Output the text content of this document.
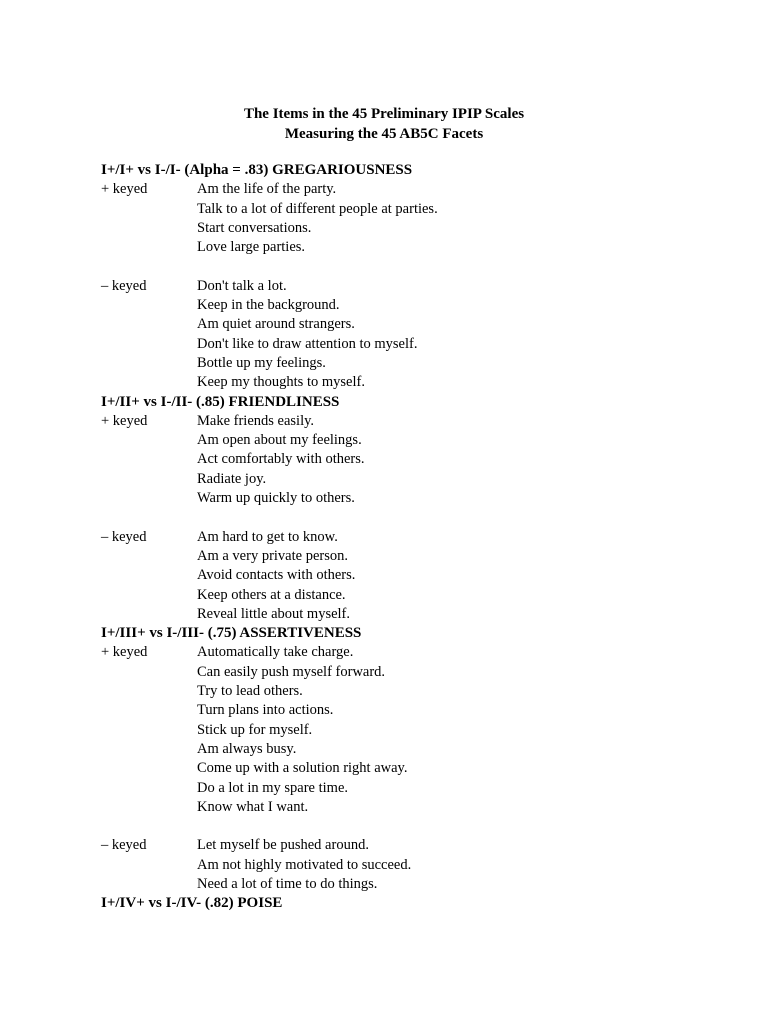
The Items in the 45 Preliminary IPIP Scales
Measuring the 45 AB5C Facets
I+/I+ vs I-/I- (Alpha = .83) GREGARIOUSNESS
+ keyed	Am the life of the party.
Talk to a lot of different people at parties.
Start conversations.
Love large parties.
– keyed	Don't talk a lot.
Keep in the background.
Am quiet around strangers.
Don't like to draw attention to myself.
Bottle up my feelings.
Keep my thoughts to myself.
I+/II+ vs I-/II- (.85) FRIENDLINESS
+ keyed	Make friends easily.
Am open about my feelings.
Act comfortably with others.
Radiate joy.
Warm up quickly to others.
– keyed	Am hard to get to know.
Am a very private person.
Avoid contacts with others.
Keep others at a distance.
Reveal little about myself.
I+/III+ vs I-/III- (.75) ASSERTIVENESS
+ keyed	Automatically take charge.
Can easily push myself forward.
Try to lead others.
Turn plans into actions.
Stick up for myself.
Am always busy.
Come up with a solution right away.
Do a lot in my spare time.
Know what I want.
– keyed	Let myself be pushed around.
Am not highly motivated to succeed.
Need a lot of time to do things.
I+/IV+ vs I-/IV- (.82) POISE
